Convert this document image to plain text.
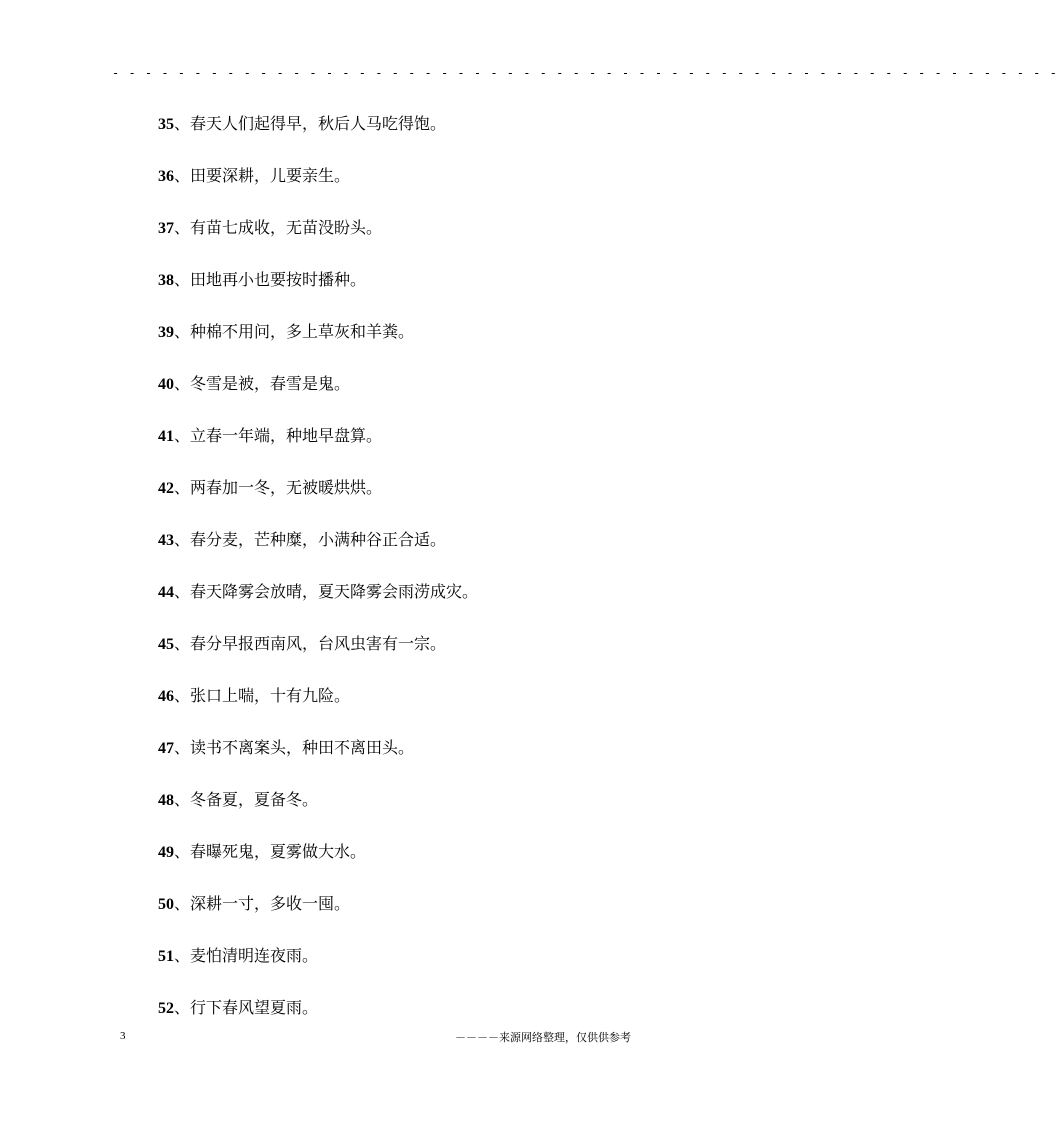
- - - - - - - - - - - - - - - - - - - - - - - - - - - - - - - - - - - - - - - - - - - - - - - - - - - - - - - - - -
35、春天人们起得早，秋后人马吃得饱。
36、田要深耕，儿要亲生。
37、有苗七成收，无苗没盼头。
38、田地再小也要按时播种。
39、种棉不用问，多上草灰和羊粪。
40、冬雪是被，春雪是鬼。
41、立春一年端，种地早盘算。
42、两春加一冬，无被暖烘烘。
43、春分麦，芒种糜，小满种谷正合适。
44、春天降雾会放晴，夏天降雾会雨涝成灾。
45、春分早报西南风，台风虫害有一宗。
46、张口上喘，十有九险。
47、读书不离案头，种田不离田头。
48、冬备夏，夏备冬。
49、春曝死鬼，夏雾做大水。
50、深耕一寸，多收一囤。
51、麦怕清明连夜雨。
52、行下春风望夏雨。
3	－－－－来源网络整理，仅供供参考
